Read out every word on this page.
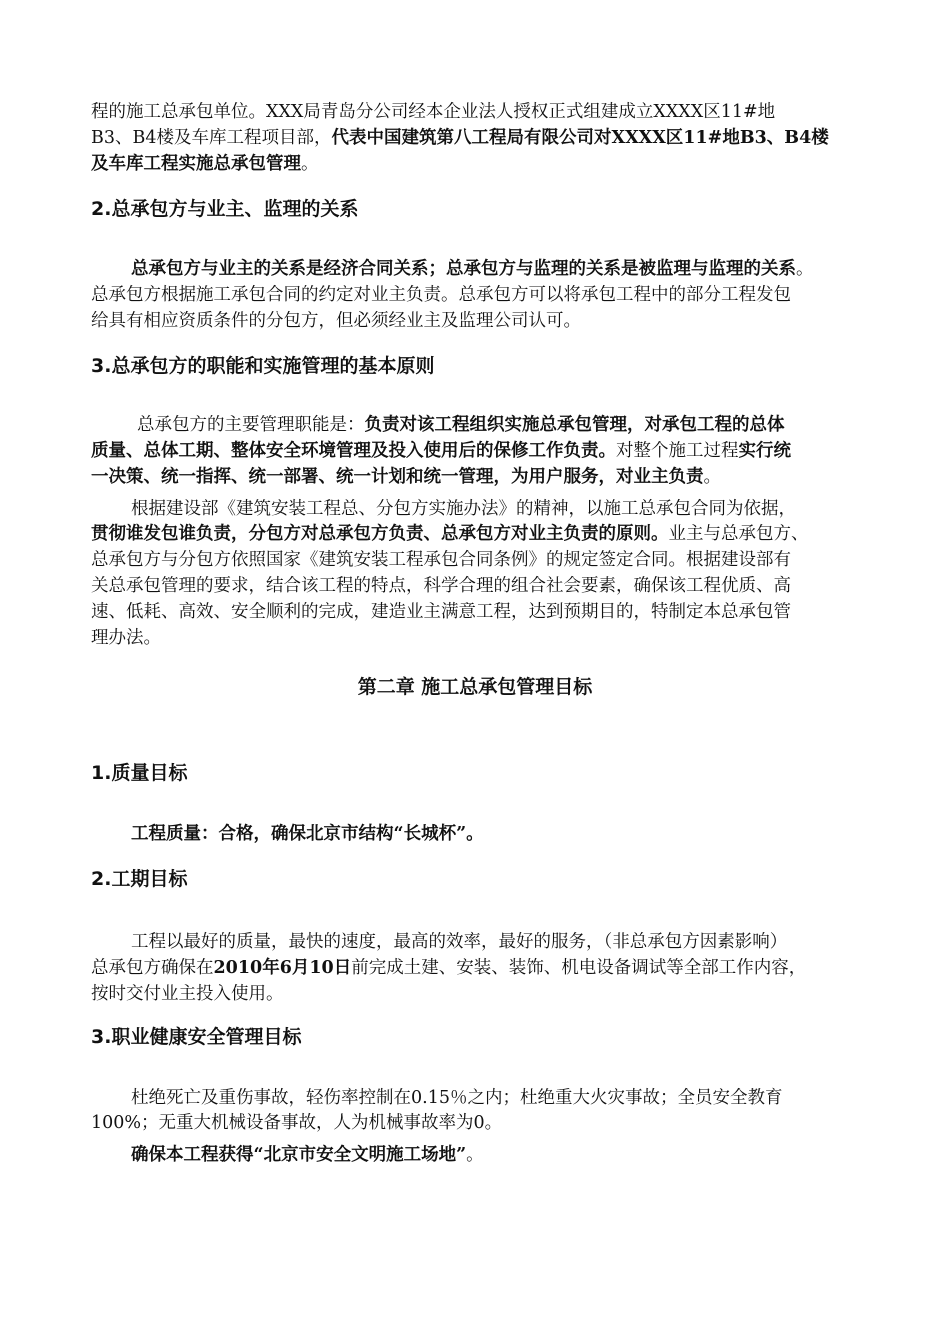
程的施工总承包单位。XXX局青岛分公司经本企业法人授权正式组建成立XXXX区11#地
B3、B4楼及车库工程项目部，代表中国建筑第八工程局有限公司对XXXX区11#地B3、B4楼
及车库工程实施总承包管理。
2.总承包方与业主、监理的关系
总承包方与业主的关系是经济合同关系；总承包方与监理的关系是被监理与监理的关系。
总承包方根据施工承包合同的约定对业主负责。总承包方可以将承包工程中的部分工程发包
给具有相应资质条件的分包方，但必须经业主及监理公司认可。
3.总承包方的职能和实施管理的基本原则
总承包方的主要管理职能是：负责对该工程组织实施总承包管理，对承包工程的总体
质量、总体工期、整体安全环境管理及投入使用后的保修工作负责。对整个施工过程实行统
一决策、统一指挥、统一部署、统一计划和统一管理，为用户服务，对业主负责。
根据建设部《建筑安装工程总、分包方实施办法》的精神，以施工总承包合同为依据，
贯彻谁发包谁负责，分包方对总承包方负责、总承包方对业主负责的原则。业主与总承包方、
总承包方与分包方依照国家《建筑安装工程承包合同条例》的规定签定合同。根据建设部有
关总承包管理的要求，结合该工程的特点，科学合理的组合社会要素，确保该工程优质、高
速、低耗、高效、安全顺利的完成，建造业主满意工程，达到预期目的，特制定本总承包管
理办法。
第二章 施工总承包管理目标
1.质量目标
工程质量：合格，确保北京市结构“长城杯”。
2.工期目标
工程以最好的质量，最快的速度，最高的效率，最好的服务，（非总承包方因素影响）
总承包方确保在2010年6月10日前完成土建、安装、装饰、机电设备调试等全部工作内容，
按时交付业主投入使用。
3.职业健康安全管理目标
杜绝死亡及重伤事故，轻伤率控制在0.15％之内；杜绝重大火灾事故；全员安全教育
100%；无重大机械设备事故，人为机械事故率为0。
确保本工程获得“北京市安全文明施工场地”。
